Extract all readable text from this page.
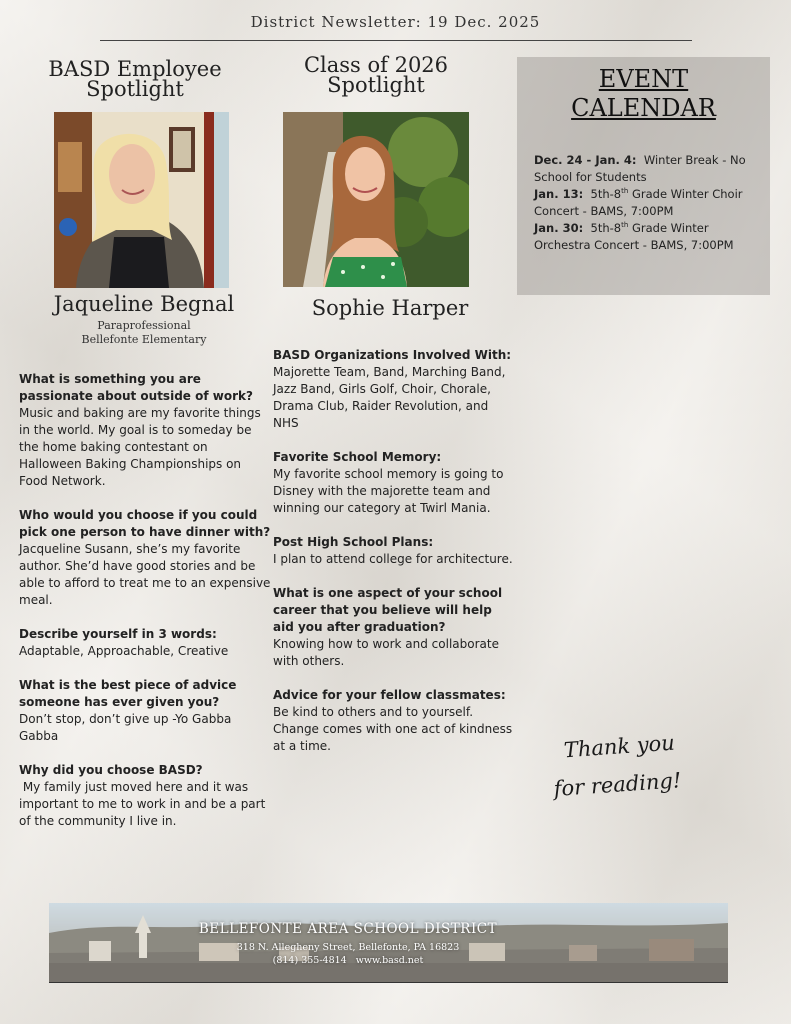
District Newsletter: 19 Dec. 2025
BASD Employee
Spotlight
Jaqueline Begnal
Paraprofessional
Bellefonte Elementary
What is something you are passionate about outside of work?
Music and baking are my favorite things in the world. My goal is to someday be the home baking contestant on Halloween Baking Championships on Food Network.
Who would you choose if you could pick one person to have dinner with?
Jacqueline Susann, she’s my favorite author. She’d have good stories and be able to afford to treat me to an expensive meal.
Describe yourself in 3 words:
Adaptable, Approachable, Creative
What is the best piece of advice someone has ever given you?
Don’t stop, don’t give up -Yo Gabba Gabba
Why did you choose BASD?
My family just moved here and it was important to me to work in and be a part of the community I live in.
Class of 2026
Spotlight
Sophie Harper
BASD Organizations Involved With:
Majorette Team, Band, Marching Band, Jazz Band, Girls Golf, Choir, Chorale, Drama Club, Raider Revolution, and NHS
Favorite School Memory:
My favorite school memory is going to Disney with the majorette team and winning our category at Twirl Mania.
Post High School Plans:
I plan to attend college for architecture.
What is one aspect of your school career that you believe will help aid you after graduation?
Knowing how to work and collaborate with others.
Advice for your fellow classmates:
Be kind to others and to yourself. Change comes with one act of kindness at a time.
EVENT
CALENDAR
Dec. 24 - Jan. 4: Winter Break - No School for Students
Jan. 13: 5th-8th Grade Winter Choir Concert - BAMS, 7:00PM
Jan. 30: 5th-8th Grade Winter Orchestra Concert - BAMS, 7:00PM
Thank you
for reading!
BELLEFONTE AREA SCHOOL DISTRICT
318 N. Allegheny Street, Bellefonte, PA 16823
(814) 355-4814   www.basd.net
